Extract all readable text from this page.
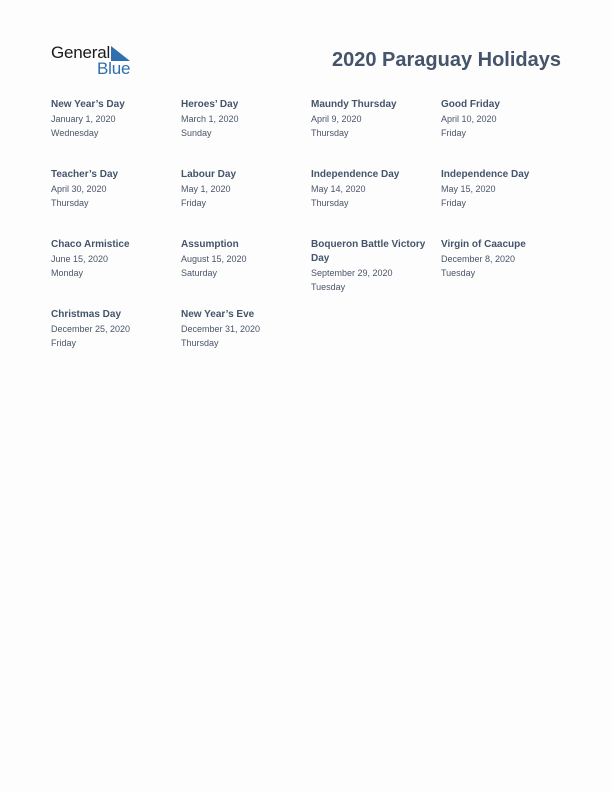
General
Blue	2020 Paraguay Holidays
New Year’s Day
January 1, 2020
Wednesday
Heroes’ Day
March 1, 2020
Sunday
Maundy Thursday
April 9, 2020
Thursday
Good Friday
April 10, 2020
Friday
Teacher’s Day
April 30, 2020
Thursday
Labour Day
May 1, 2020
Friday
Independence Day
May 14, 2020
Thursday
Independence Day
May 15, 2020
Friday
Chaco Armistice
June 15, 2020
Monday
Assumption
August 15, 2020
Saturday
Boqueron Battle Victory Day
September 29, 2020
Tuesday
Virgin of Caacupe
December 8, 2020
Tuesday
Christmas Day
December 25, 2020
Friday
New Year’s Eve
December 31, 2020
Thursday
